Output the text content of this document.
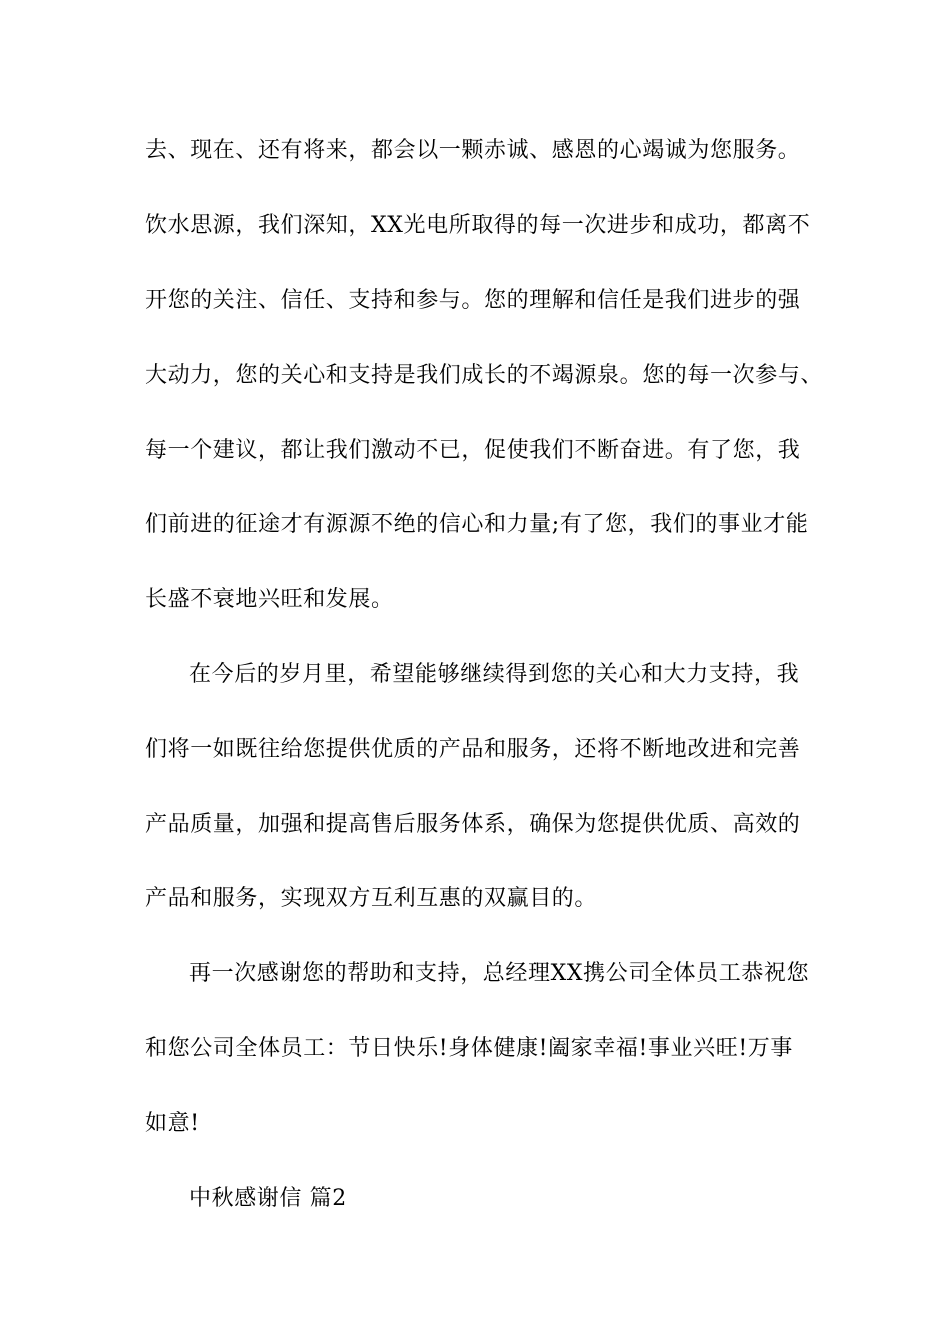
去、现在、还有将来，都会以一颗赤诚、感恩的心竭诚为您服务。
饮水思源，我们深知，XX光电所取得的每一次进步和成功，都离不
开您的关注、信任、支持和参与。您的理解和信任是我们进步的强
大动力，您的关心和支持是我们成长的不竭源泉。您的每一次参与、
每一个建议，都让我们激动不已，促使我们不断奋进。有了您，我
们前进的征途才有源源不绝的信心和力量;有了您，我们的事业才能
长盛不衰地兴旺和发展。
在今后的岁月里，希望能够继续得到您的关心和大力支持，我
们将一如既往给您提供优质的产品和服务，还将不断地改进和完善
产品质量，加强和提高售后服务体系，确保为您提供优质、高效的
产品和服务，实现双方互利互惠的双赢目的。
再一次感谢您的帮助和支持，总经理XX携公司全体员工恭祝您
和您公司全体员工：节日快乐!身体健康!阖家幸福!事业兴旺!万事
如意!
中秋感谢信 篇2
